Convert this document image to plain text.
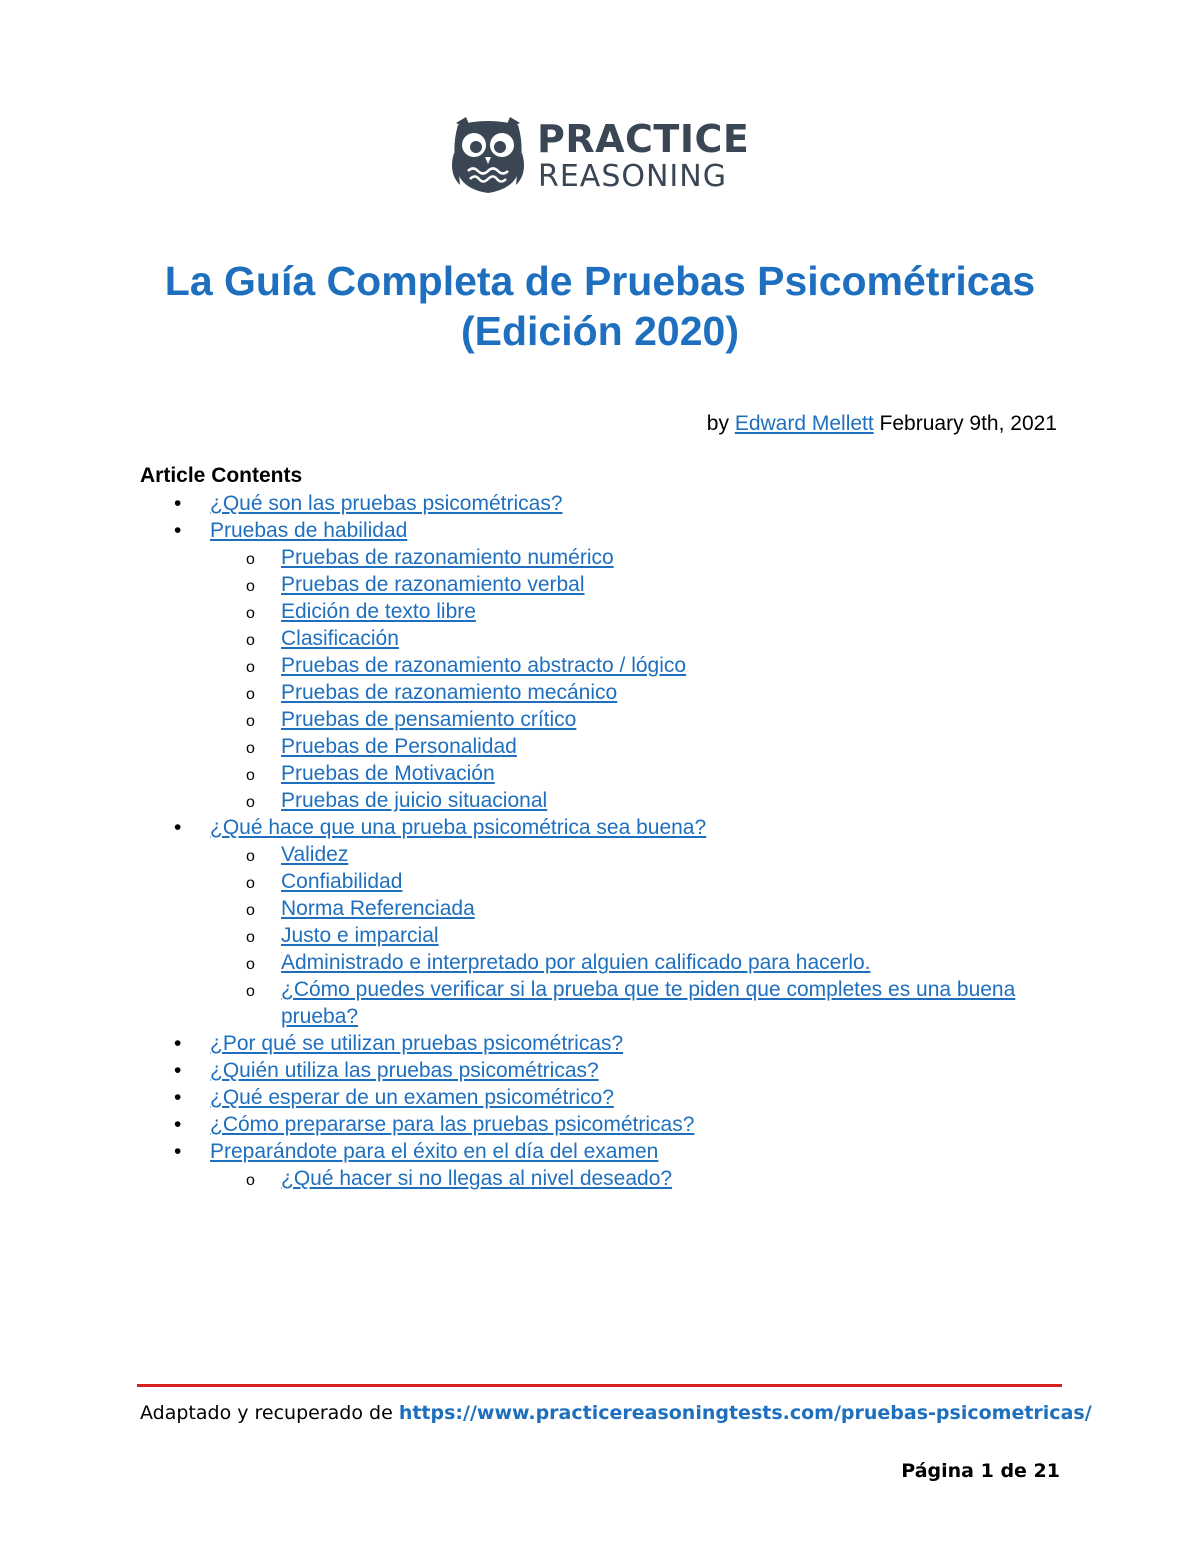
PRACTICE
REASONING
La Guía Completa de Pruebas Psicométricas
(Edición 2020)
by Edward Mellett February 9th, 2021
Article Contents
• ¿Qué son las pruebas psicométricas?
• Pruebas de habilidad
o Pruebas de razonamiento numérico
o Pruebas de razonamiento verbal
o Edición de texto libre
o Clasificación
o Pruebas de razonamiento abstracto / lógico
o Pruebas de razonamiento mecánico
o Pruebas de pensamiento crítico
o Pruebas de Personalidad
o Pruebas de Motivación
o Pruebas de juicio situacional
• ¿Qué hace que una prueba psicométrica sea buena?
o Validez
o Confiabilidad
o Norma Referenciada
o Justo e imparcial
o Administrado e interpretado por alguien calificado para hacerlo.
o ¿Cómo puedes verificar si la prueba que te piden que completes es una buena prueba?
• ¿Por qué se utilizan pruebas psicométricas?
• ¿Quién utiliza las pruebas psicométricas?
• ¿Qué esperar de un examen psicométrico?
• ¿Cómo prepararse para las pruebas psicométricas?
• Preparándote para el éxito en el día del examen
o ¿Qué hacer si no llegas al nivel deseado?
Adaptado y recuperado de https://www.practicereasoningtests.com/pruebas-psicometricas/
Página 1 de 21
